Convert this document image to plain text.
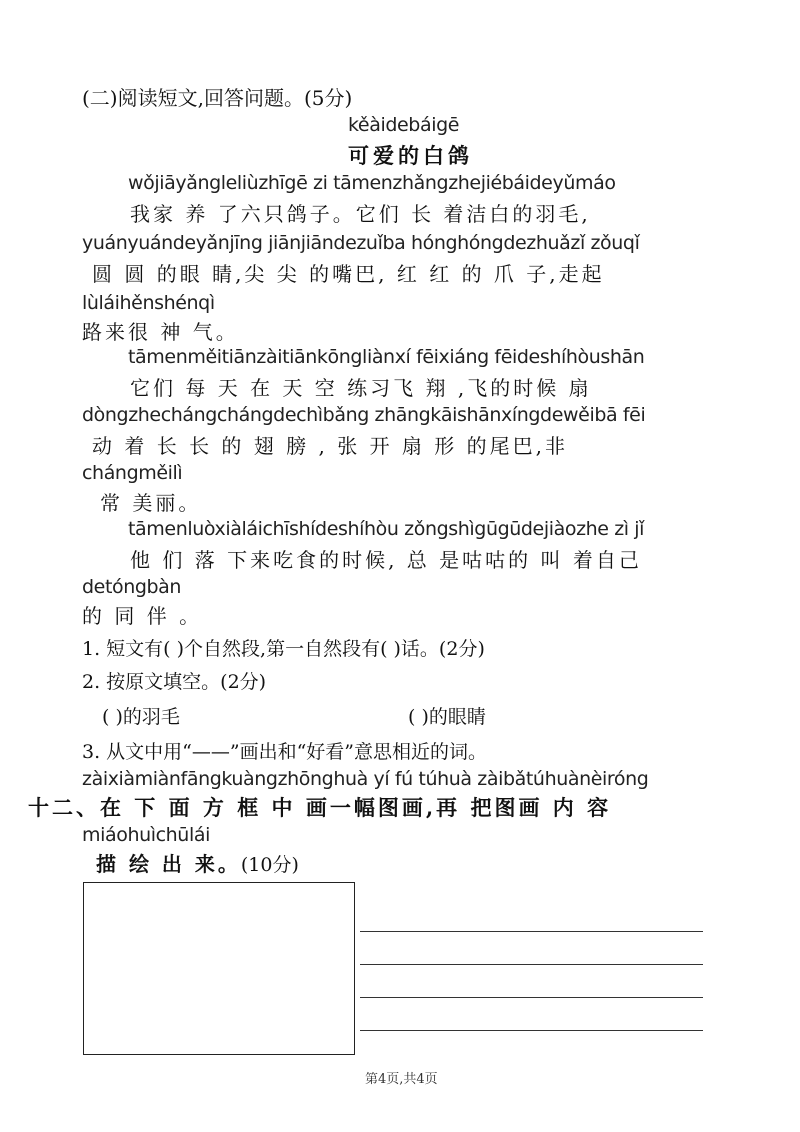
(二)阅读短文,回答问题。(5分)
kěàidebáigē
可爱的白鸽
wǒjiāyǎngleliùzhīgē zi tāmenzhǎngzhejiébáideyǔmáo
我家 养 了六只鸽子。它们 长 着洁白的羽毛,
yuányuándeyǎnjīng jiānjiāndezuǐba hónghóngdezhuǎzǐ zǒuqǐ
圆 圆 的眼 睛,尖 尖 的嘴巴, 红 红 的 爪 子,走起
lùláihěnshénqì
路来很 神 气。
tāmenměitiānzàitiānkōngliànxí fēixiáng fēideshíhòushān
它们 每 天 在 天 空 练习飞 翔 ,飞的时候 扇
dòngzhechángchángdechìbǎng zhāngkāishānxíngdewěibā fēi
动 着 长 长 的 翅 膀 , 张 开 扇 形 的尾巴,非
chángměilì
常 美丽。
tāmenluòxiàláichīshídeshíhòu zǒngshìgūgūdejiàozhe zì jǐ
他 们 落 下来吃食的时候, 总 是咕咕的 叫 着自己
detóngbàn
的 同 伴 。
1. 短文有( )个自然段,第一自然段有( )话。(2分)
2. 按原文填空。(2分)
( )的羽毛	( )的眼睛
3. 从文中用“——”画出和“好看”意思相近的词。
zàixiàmiànfāngkuàngzhōnghuà yí fú túhuà zàibǎtúhuànèiróng
十二、在 下 面 方 框 中 画一幅图画,再 把图画 内 容
miáohuìchūlái
描 绘 出 来。(10分)
第4页,共4页
